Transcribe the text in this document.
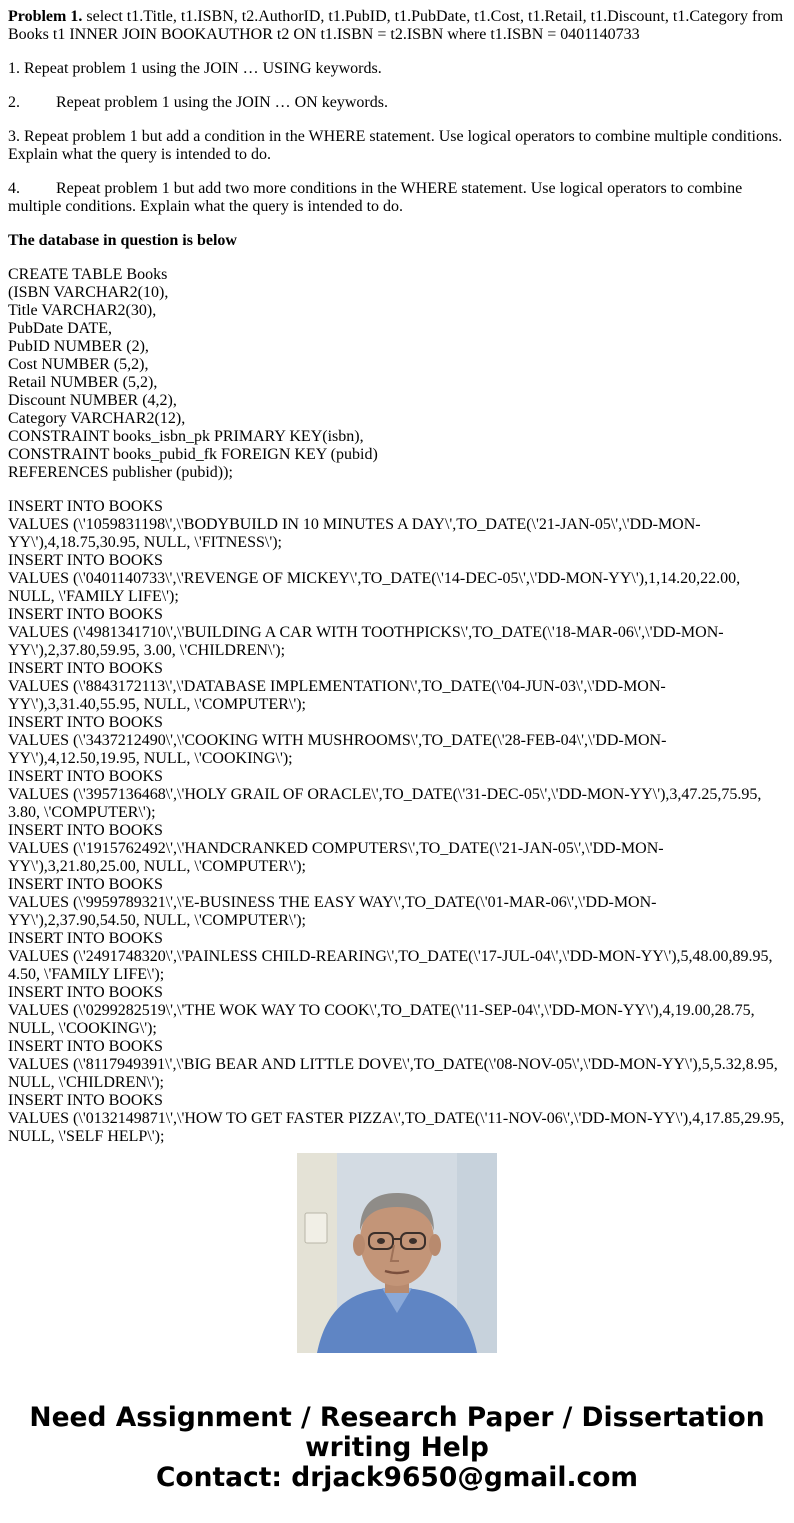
Problem 1. select t1.Title, t1.ISBN, t2.AuthorID, t1.PubID, t1.PubDate, t1.Cost, t1.Retail, t1.Discount, t1.Category from Books t1 INNER JOIN BOOKAUTHOR t2 ON t1.ISBN = t2.ISBN where t1.ISBN = 0401140733

1. Repeat problem 1 using the JOIN … USING keywords.

2. Repeat problem 1 using the JOIN … ON keywords.

3. Repeat problem 1 but add a condition in the WHERE statement. Use logical operators to combine multiple conditions. Explain what the query is intended to do.

4. Repeat problem 1 but add two more conditions in the WHERE statement. Use logical operators to combine multiple conditions. Explain what the query is intended to do.

The database in question is below

CREATE TABLE Books
(ISBN VARCHAR2(10),
Title VARCHAR2(30),
PubDate DATE,
PubID NUMBER (2),
Cost NUMBER (5,2),
Retail NUMBER (5,2),
Discount NUMBER (4,2),
Category VARCHAR2(12),
CONSTRAINT books_isbn_pk PRIMARY KEY(isbn),
CONSTRAINT books_pubid_fk FOREIGN KEY (pubid)
REFERENCES publisher (pubid));

INSERT INTO BOOKS
VALUES (\'1059831198\',\'BODYBUILD IN 10 MINUTES A DAY\',TO_DATE(\'21-JAN-05\',\'DD-MON-YY\'),4,18.75,30.95, NULL, \'FITNESS\');
INSERT INTO BOOKS
VALUES (\'0401140733\',\'REVENGE OF MICKEY\',TO_DATE(\'14-DEC-05\',\'DD-MON-YY\'),1,14.20,22.00, NULL, \'FAMILY LIFE\');
INSERT INTO BOOKS
VALUES (\'4981341710\',\'BUILDING A CAR WITH TOOTHPICKS\',TO_DATE(\'18-MAR-06\',\'DD-MON-YY\'),2,37.80,59.95, 3.00, \'CHILDREN\');
INSERT INTO BOOKS
VALUES (\'8843172113\',\'DATABASE IMPLEMENTATION\',TO_DATE(\'04-JUN-03\',\'DD-MON-YY\'),3,31.40,55.95, NULL, \'COMPUTER\');
INSERT INTO BOOKS
VALUES (\'3437212490\',\'COOKING WITH MUSHROOMS\',TO_DATE(\'28-FEB-04\',\'DD-MON-YY\'),4,12.50,19.95, NULL, \'COOKING\');
INSERT INTO BOOKS
VALUES (\'3957136468\',\'HOLY GRAIL OF ORACLE\',TO_DATE(\'31-DEC-05\',\'DD-MON-YY\'),3,47.25,75.95, 3.80, \'COMPUTER\');
INSERT INTO BOOKS
VALUES (\'1915762492\',\'HANDCRANKED COMPUTERS\',TO_DATE(\'21-JAN-05\',\'DD-MON-YY\'),3,21.80,25.00, NULL, \'COMPUTER\');
INSERT INTO BOOKS
VALUES (\'9959789321\',\'E-BUSINESS THE EASY WAY\',TO_DATE(\'01-MAR-06\',\'DD-MON-YY\'),2,37.90,54.50, NULL, \'COMPUTER\');
INSERT INTO BOOKS
VALUES (\'2491748320\',\'PAINLESS CHILD-REARING\',TO_DATE(\'17-JUL-04\',\'DD-MON-YY\'),5,48.00,89.95, 4.50, \'FAMILY LIFE\');
INSERT INTO BOOKS
VALUES (\'0299282519\',\'THE WOK WAY TO COOK\',TO_DATE(\'11-SEP-04\',\'DD-MON-YY\'),4,19.00,28.75, NULL, \'COOKING\');
INSERT INTO BOOKS
VALUES (\'8117949391\',\'BIG BEAR AND LITTLE DOVE\',TO_DATE(\'08-NOV-05\',\'DD-MON-YY\'),5,5.32,8.95, NULL, \'CHILDREN\');
INSERT INTO BOOKS
VALUES (\'0132149871\',\'HOW TO GET FASTER PIZZA\',TO_DATE(\'11-NOV-06\',\'DD-MON-YY\'),4,17.85,29.95, NULL, \'SELF HELP\');

Need Assignment / Research Paper / Dissertation
writing Help
Contact: drjack9650@gmail.com
